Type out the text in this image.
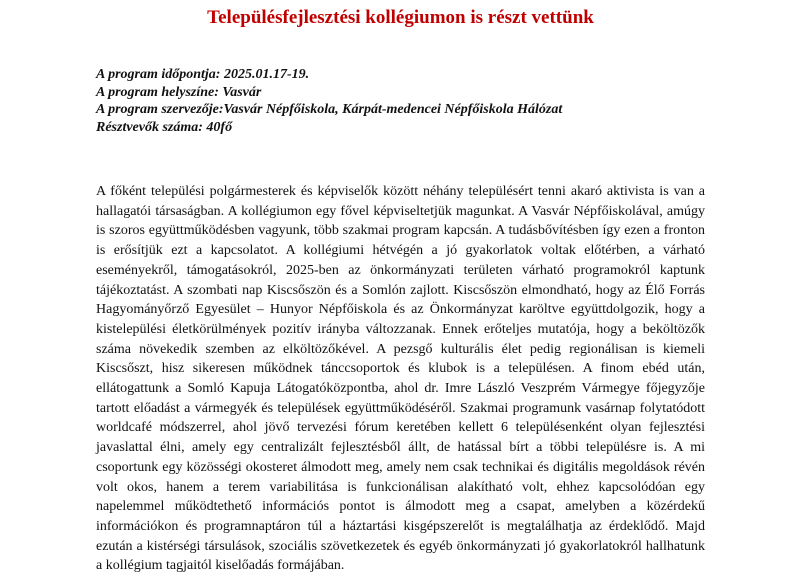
Településfejlesztési kollégiumon is részt vettünk
A program időpontja: 2025.01.17-19.
A program helyszíne: Vasvár
A program szervezője:Vasvár Népfőiskola, Kárpát-medencei Népfőiskola Hálózat
Résztvevők száma: 40fő

A főként települési polgármesterek és képviselők között néhány településért tenni akaró aktivista is van a hallagatói társaságban. A kollégiumon egy fővel képviseltetjük magunkat. A Vasvár Népfőiskolával, amúgy is szoros együttműködésben vagyunk, több szakmai program kapcsán. A tudásbővítésben így ezen a fronton is erősítjük ezt a kapcsolatot. A kollégiumi hétvégén a jó gyakorlatok voltak előtérben, a várható eseményekről, támogatásokról, 2025-ben az önkormányzati területen várható programokról kaptunk tájékoztatást. A szombati nap Kiscsőszön és a Somlón zajlott. Kiscsőszön elmondható, hogy az Élő Forrás Hagyományőrző Egyesület – Hunyor Népfőiskola és az Önkormányzat karöltve együttdolgozik, hogy a kistelepülési életkörülmények pozitív irányba változzanak. Ennek erőteljes mutatója, hogy a beköltözők száma növekedik szemben az elköltözőkével. A pezsgő kulturális élet pedig regionálisan is kiemeli Kiscsőszt, hisz sikeresen működnek tánccsoportok és klubok is a településen. A finom ebéd után, ellátogattunk a Somló Kapuja Látogatóközpontba, ahol dr. Imre László Veszprém Vármegye főjegyzője tartott előadást a vármegyék és települések együttműködéséről. Szakmai programunk vasárnap folytatódott worldcafé módszerrel, ahol jövő tervezési fórum keretében kellett 6 településenként olyan fejlesztési javaslattal élni, amely egy centralizált fejlesztésből állt, de hatással bírt a többi településre is. A mi csoportunk egy közösségi okosteret álmodott meg, amely nem csak technikai és digitális megoldások révén volt okos, hanem a terem variabilitása is funkcionálisan alakítható volt, ehhez kapcsolódóan egy napelemmel működtethető információs pontot is álmodott meg a csapat, amelyben a közérdekű információkon és programnaptáron túl a háztartási kisgépszerelőt is megtalálhatja az érdeklődő. Majd ezután a kistérségi társulások, szociális szövetkezetek és egyéb önkormányzati jó gyakorlatokról hallhatunk a kollégium tagjaitól kiselőadás formájában.
